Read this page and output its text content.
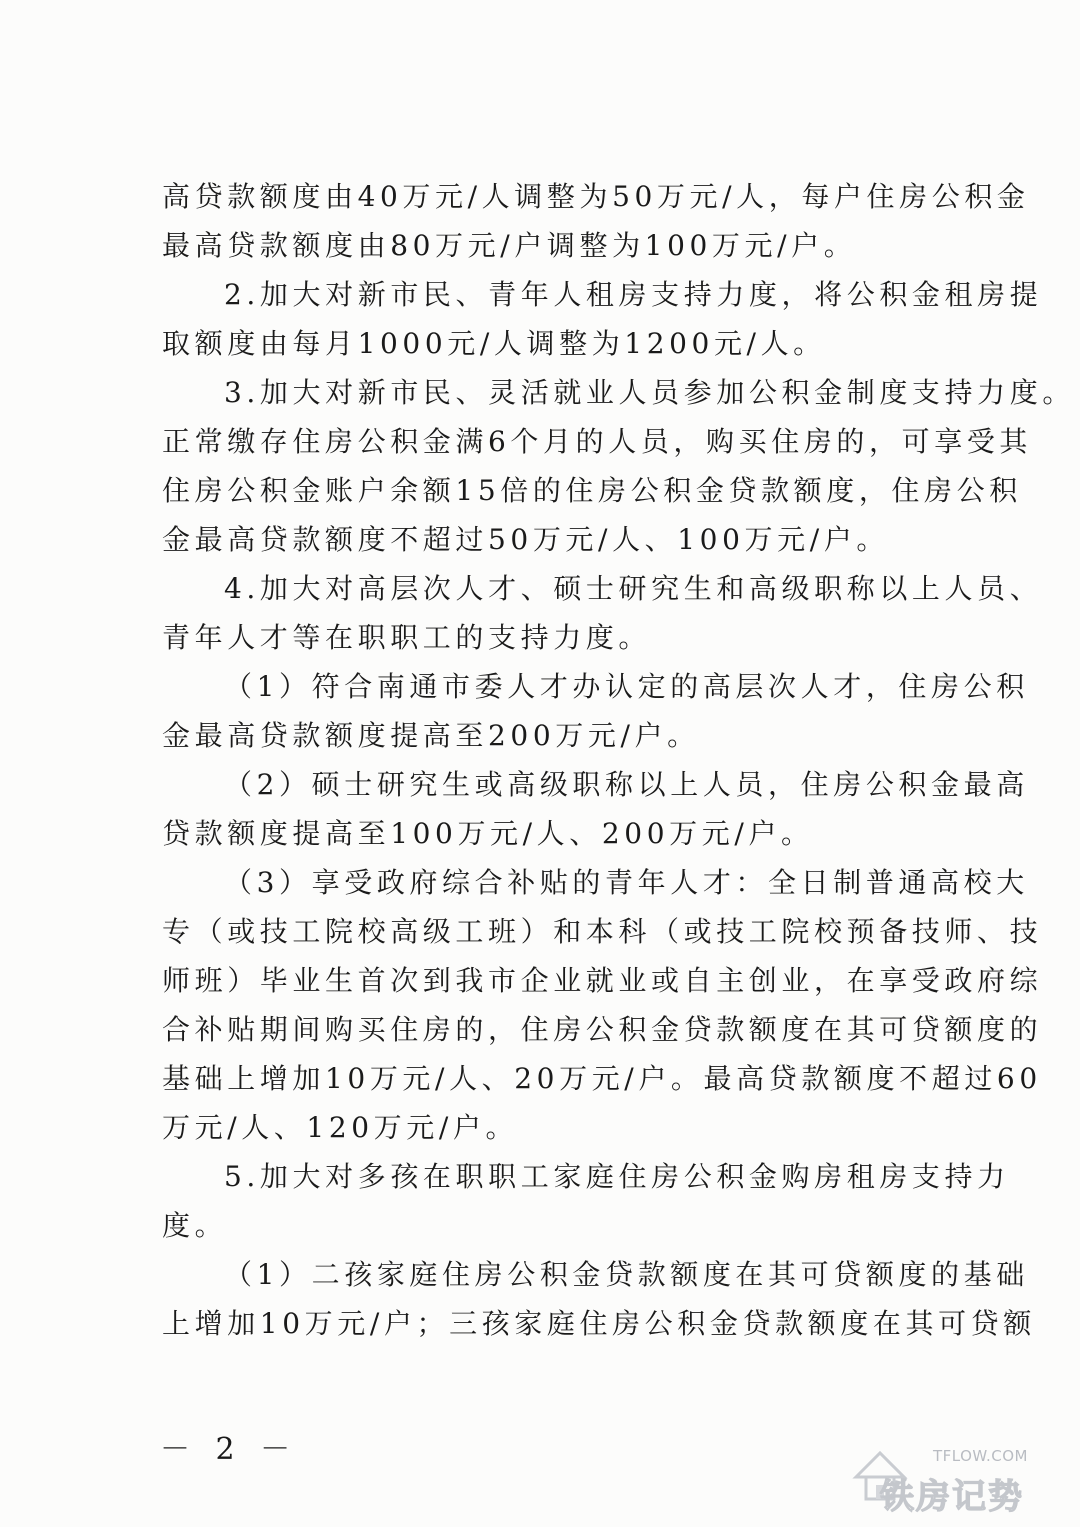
高贷款额度由40万元/人调整为50万元/人，每户住房公积金
最高贷款额度由80万元/户调整为100万元/户。
2.加大对新市民、青年人租房支持力度，将公积金租房提
取额度由每月1000元/人调整为1200元/人。
3.加大对新市民、灵活就业人员参加公积金制度支持力度。
正常缴存住房公积金满6个月的人员，购买住房的，可享受其
住房公积金账户余额15倍的住房公积金贷款额度，住房公积
金最高贷款额度不超过50万元/人、100万元/户。
4.加大对高层次人才、硕士研究生和高级职称以上人员、
青年人才等在职职工的支持力度。
（1）符合南通市委人才办认定的高层次人才，住房公积
金最高贷款额度提高至200万元/户。
（2）硕士研究生或高级职称以上人员，住房公积金最高
贷款额度提高至100万元/人、200万元/户。
（3）享受政府综合补贴的青年人才：全日制普通高校大
专（或技工院校高级工班）和本科（或技工院校预备技师、技
师班）毕业生首次到我市企业就业或自主创业，在享受政府综
合补贴期间购买住房的，住房公积金贷款额度在其可贷额度的
基础上增加10万元/人、20万元/户。最高贷款额度不超过60
万元/人、120万元/户。
5.加大对多孩在职职工家庭住房公积金购房租房支持力
度。
（1）二孩家庭住房公积金贷款额度在其可贷额度的基础
上增加10万元/户；三孩家庭住房公积金贷款额度在其可贷额
－ 2 －	TFLOW.COM
铁房记势
